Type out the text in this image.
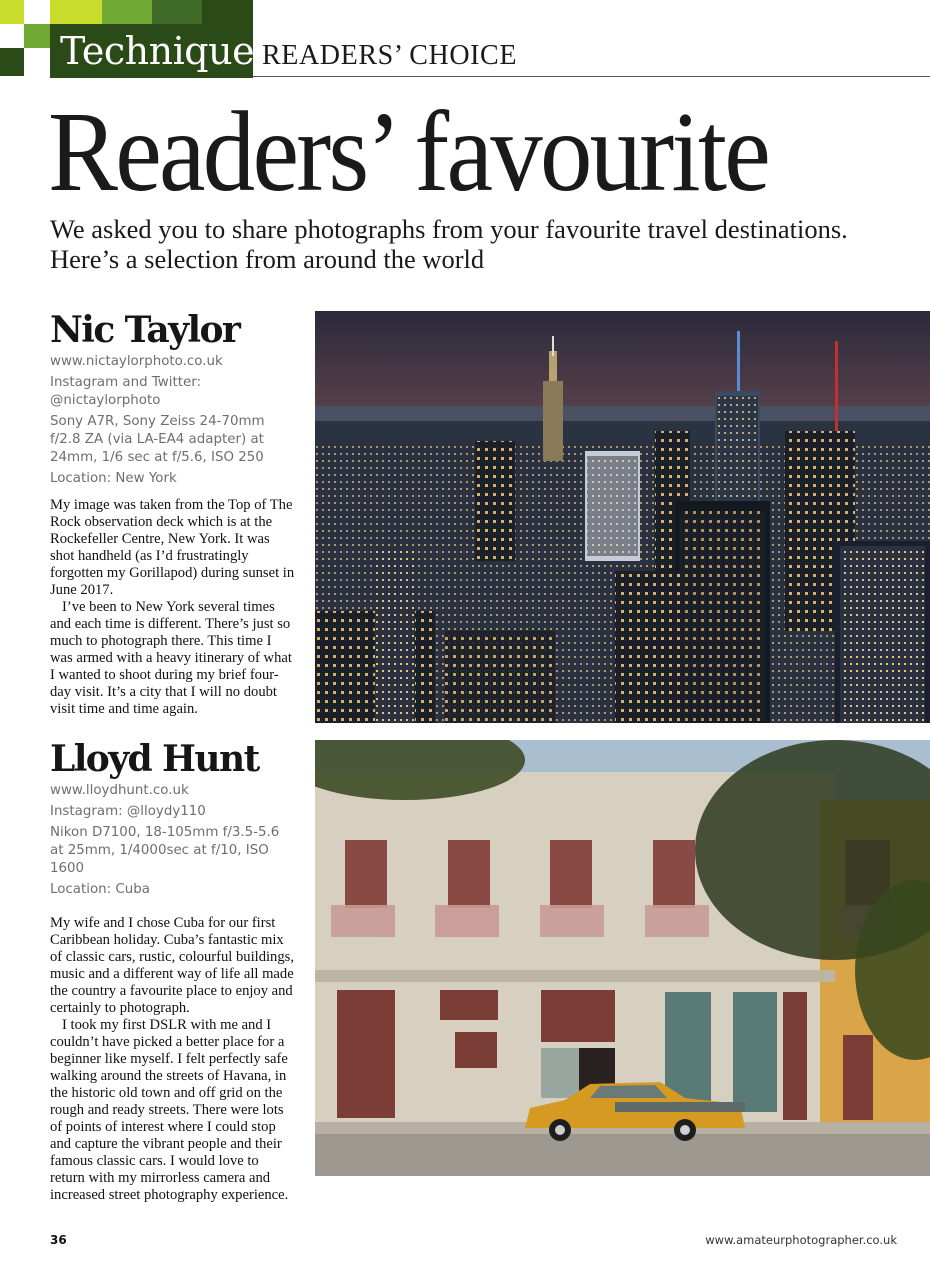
Technique READERS’ CHOICE
Readers’ favourite
We asked you to share photographs from your favourite travel destinations. Here’s a selection from around the world
Nic Taylor

www.nictaylorphoto.co.uk

Instagram and Twitter: @nictaylorphoto

Sony A7R, Sony Zeiss 24-70mm f/2.8 ZA (via LA-EA4 adapter) at 24mm, 1/6 sec at f/5.6, ISO 250

Location: New York

My image was taken from the Top of The Rock observation deck which is at the Rockefeller Centre, New York. It was shot handheld (as I’d frustratingly forgotten my Gorillapod) during sunset in June 2017.

I’ve been to New York several times and each time is different. There’s just so much to photograph there. This time I was armed with a heavy itinerary of what I wanted to shoot during my brief four-day visit. It’s a city that I will no doubt visit time and time again.

Lloyd Hunt

www.lloydhunt.co.uk

Instagram: @lloydy110

Nikon D7100, 18-105mm f/3.5-5.6 at 25mm, 1/4000sec at f/10, ISO 1600

Location: Cuba

My wife and I chose Cuba for our first Caribbean holiday. Cuba’s fantastic mix of classic cars, rustic, colourful buildings, music and a different way of life all made the country a favourite place to enjoy and certainly to photograph.

I took my first DSLR with me and I couldn’t have picked a better place for a beginner like myself. I felt perfectly safe walking around the streets of Havana, in the historic old town and off grid on the rough and ready streets. There were lots of points of interest where I could stop and capture the vibrant people and their famous classic cars. I would love to return with my mirrorless camera and increased street photography experience.

36	www.amateurphotographer.co.uk
